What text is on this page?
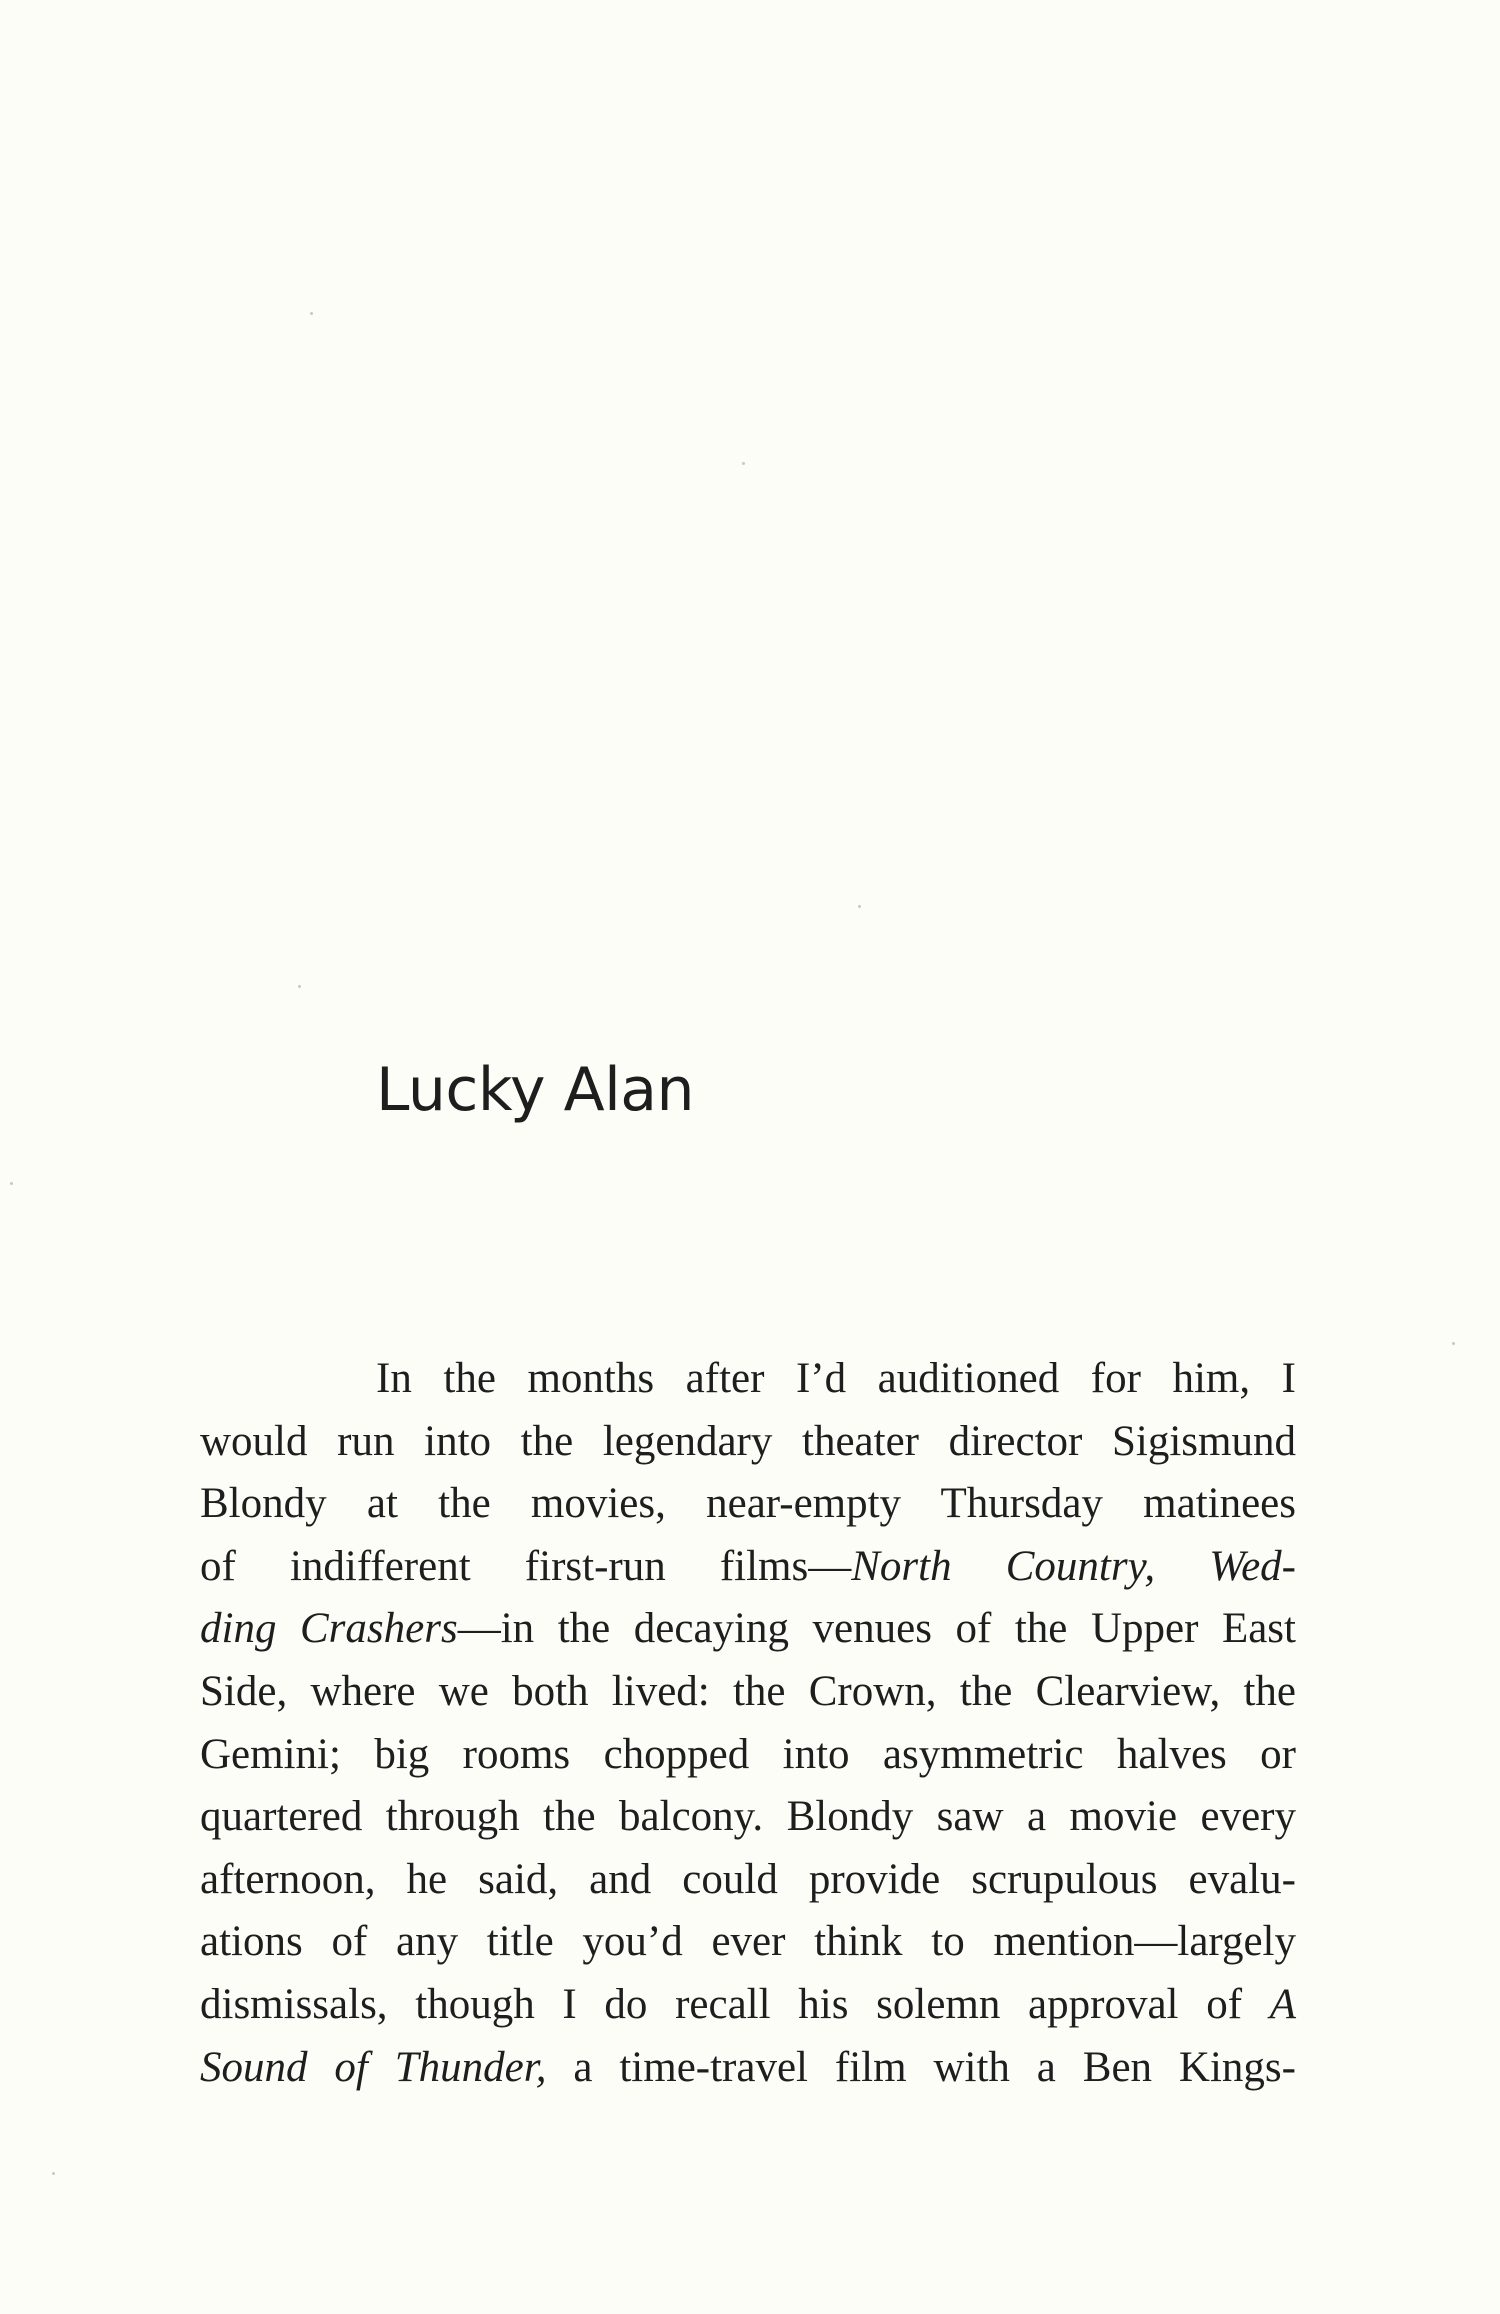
Lucky Alan
In the months after I’d auditioned for him, I
would run into the legendary theater director Sigismund
Blondy at the movies, near-empty Thursday matinees
of indifferent first-run films—North Country, Wed-
ding Crashers—in the decaying venues of the Upper East
Side, where we both lived: the Crown, the Clearview, the
Gemini; big rooms chopped into asymmetric halves or
quartered through the balcony. Blondy saw a movie every
afternoon, he said, and could provide scrupulous evalu-
ations of any title you’d ever think to mention—largely
dismissals, though I do recall his solemn approval of A
Sound of Thunder, a time-travel film with a Ben Kings-
